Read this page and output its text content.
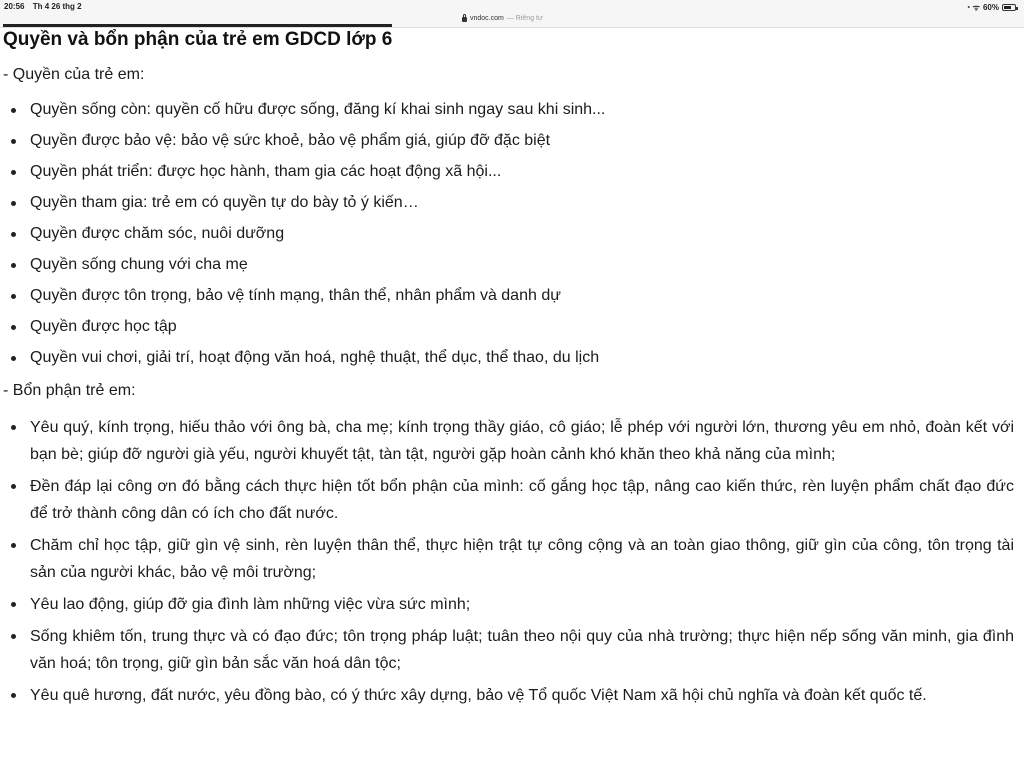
20:56 Th 4 26 thg 2	◔ ᯤ 60%
vndoc.com — Riêng tư
Quyền và bổn phận của trẻ em GDCD lớp 6

- Quyền của trẻ em:

Quyền sống còn: quyền cố hữu được sống, đăng kí khai sinh ngay sau khi sinh...
Quyền được bảo vệ: bảo vệ sức khoẻ, bảo vệ phẩm giá, giúp đỡ đặc biệt
Quyền phát triển: được học hành, tham gia các hoạt động xã hội...
Quyền tham gia: trẻ em có quyền tự do bày tỏ ý kiến…
Quyền được chăm sóc, nuôi dưỡng
Quyền sống chung với cha mẹ
Quyền được tôn trọng, bảo vệ tính mạng, thân thể, nhân phẩm và danh dự
Quyền được học tập
Quyền vui chơi, giải trí, hoạt động văn hoá, nghệ thuật, thể dục, thể thao, du lịch

- Bổn phận trẻ em:

Yêu quý, kính trọng, hiếu thảo với ông bà, cha mẹ; kính trọng thầy giáo, cô giáo; lễ phép với người lớn, thương yêu em nhỏ, đoàn kết với bạn bè; giúp đỡ người già yếu, người khuyết tật, tàn tật, người gặp hoàn cảnh khó khăn theo khả năng của mình;
Đền đáp lại công ơn đó bằng cách thực hiện tốt bổn phận của mình: cố gắng học tập, nâng cao kiến thức, rèn luyện phẩm chất đạo đức để trở thành công dân có ích cho đất nước.
Chăm chỉ học tập, giữ gìn vệ sinh, rèn luyện thân thể, thực hiện trật tự công cộng và an toàn giao thông, giữ gìn của công, tôn trọng tài sản của người khác, bảo vệ môi trường;
Yêu lao động, giúp đỡ gia đình làm những việc vừa sức mình;
Sống khiêm tốn, trung thực và có đạo đức; tôn trọng pháp luật; tuân theo nội quy của nhà trường; thực hiện nếp sống văn minh, gia đình văn hoá; tôn trọng, giữ gìn bản sắc văn hoá dân tộc;
Yêu quê hương, đất nước, yêu đồng bào, có ý thức xây dựng, bảo vệ Tổ quốc Việt Nam xã hội chủ nghĩa và đoàn kết quốc tế.
